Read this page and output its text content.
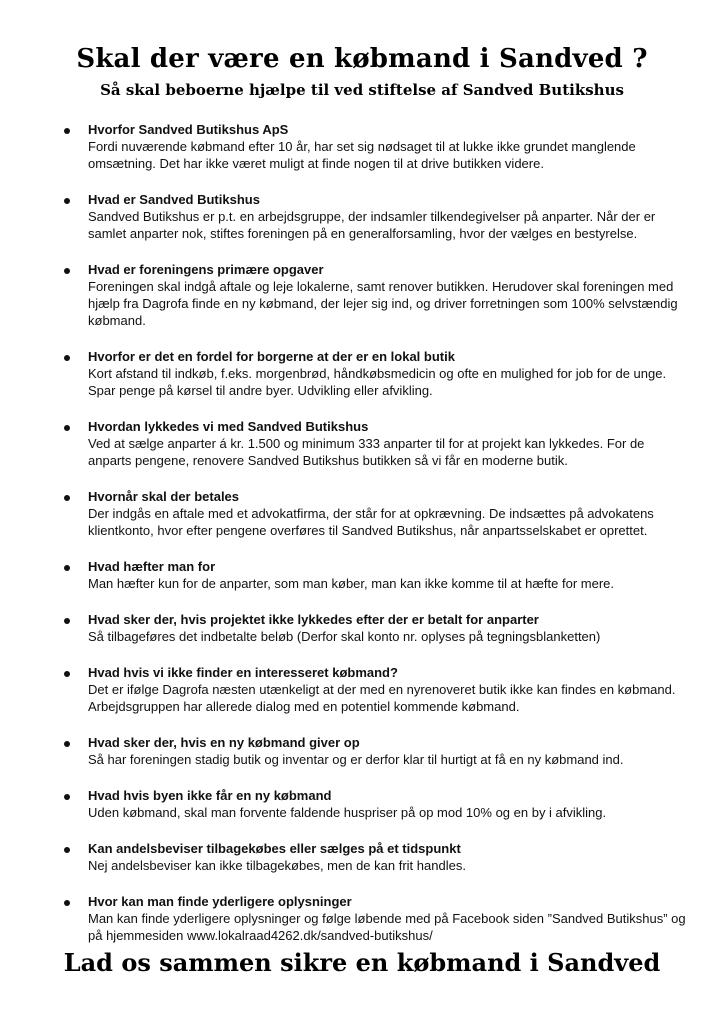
Skal der være en købmand i Sandved ?
Så skal beboerne hjælpe til ved stiftelse af Sandved Butikshus
Hvorfor Sandved Butikshus ApS
Fordi nuværende købmand efter 10 år, har set sig nødsaget til at lukke ikke grundet manglende omsætning. Det har ikke været muligt at finde nogen til at drive butikken videre.
Hvad er Sandved Butikshus
Sandved Butikshus er p.t. en arbejdsgruppe, der indsamler tilkendegivelser på anparter. Når der er samlet anparter nok, stiftes foreningen på en generalforsamling, hvor der vælges en bestyrelse.
Hvad er foreningens primære opgaver
Foreningen skal indgå aftale og leje lokalerne, samt renover butikken. Herudover skal foreningen med hjælp fra Dagrofa finde en ny købmand, der lejer sig ind, og driver forretningen som 100% selvstændig købmand.
Hvorfor er det en fordel for borgerne at der er en lokal butik
Kort afstand til indkøb, f.eks. morgenbrød, håndkøbsmedicin og ofte en mulighed for job for de unge. Spar penge på kørsel til andre byer. Udvikling eller afvikling.
Hvordan lykkedes vi med Sandved Butikshus
Ved at sælge anparter á kr. 1.500 og minimum 333 anparter til for at projekt kan lykkedes. For de anparts pengene, renovere Sandved Butikshus butikken så vi får en moderne butik.
Hvornår skal der betales
Der indgås en aftale med et advokatfirma, der står for at opkrævning. De indsættes på advokatens klientkonto, hvor efter pengene overføres til Sandved Butikshus, når anpartsselskabet er oprettet.
Hvad hæfter man for
Man hæfter kun for de anparter, som man køber, man kan ikke komme til at hæfte for mere.
Hvad sker der, hvis projektet ikke lykkedes efter der er betalt for anparter
Så tilbageføres det indbetalte beløb (Derfor skal konto nr. oplyses på tegningsblanketten)
Hvad hvis vi ikke finder en interesseret købmand?
Det er ifølge Dagrofa næsten utænkeligt at der med en nyrenoveret butik ikke kan findes en købmand. Arbejdsgruppen har allerede dialog med en potentiel kommende købmand.
Hvad sker der, hvis en ny købmand giver op
Så har foreningen stadig butik og inventar og er derfor klar til hurtigt at få en ny købmand ind.
Hvad hvis byen ikke får en ny købmand
Uden købmand, skal man forvente faldende huspriser på op mod 10% og en by i afvikling.
Kan andelsbeviser tilbagekøbes eller sælges på et tidspunkt
Nej andelsbeviser kan ikke tilbagekøbes, men de kan frit handles.
Hvor kan man finde yderligere oplysninger
Man kan finde yderligere oplysninger og følge løbende med på Facebook siden ”Sandved Butikshus” og på hjemmesiden www.lokalraad4262.dk/sandved-butikshus/
Lad os sammen sikre en købmand i Sandved
